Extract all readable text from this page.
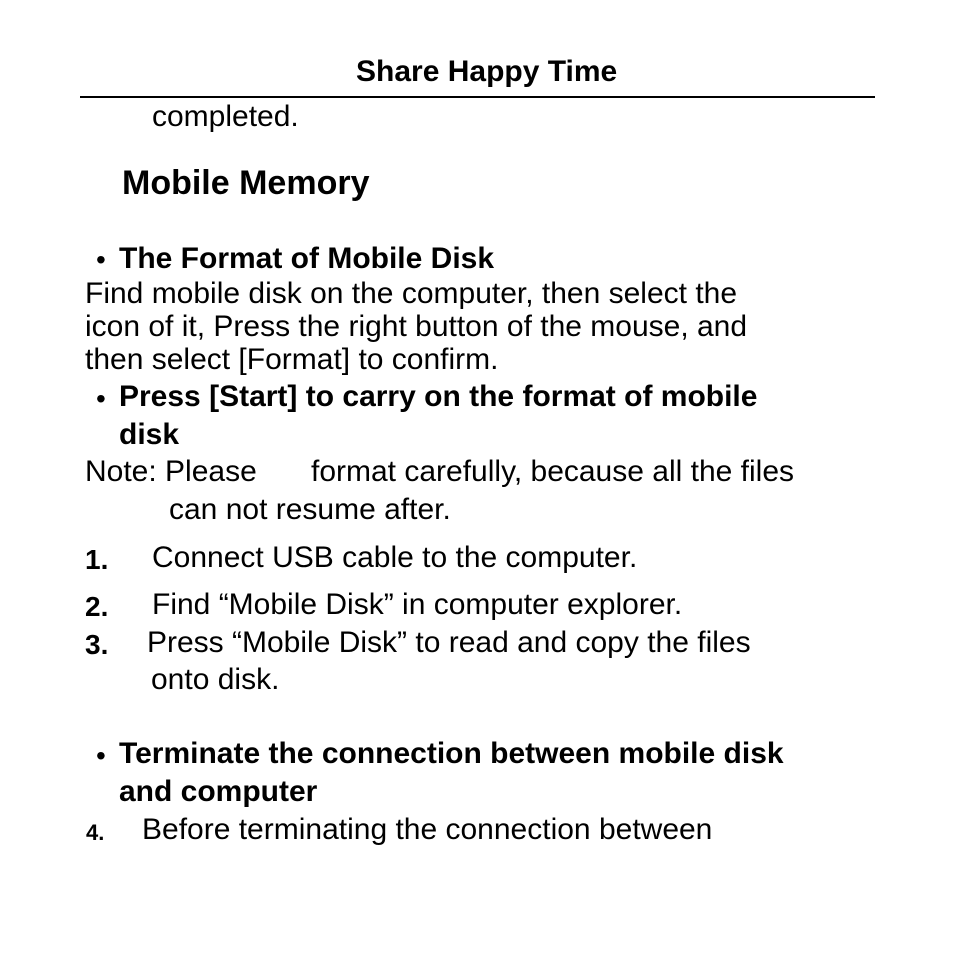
Share Happy Time
completed.
Mobile Memory
• The Format of Mobile Disk
Find mobile disk on the computer, then select the
icon of it, Press the right button of the mouse, and
then select [Format] to confirm.
• Press [Start] to carry on the format of mobile
disk
Note: Please format carefully, because all the files
can not resume after.
1. Connect USB cable to the computer.
2. Find “Mobile Disk” in computer explorer.
3. Press “Mobile Disk” to read and copy the files
onto disk.
• Terminate the connection between mobile disk
and computer
4. Before terminating the connection between
